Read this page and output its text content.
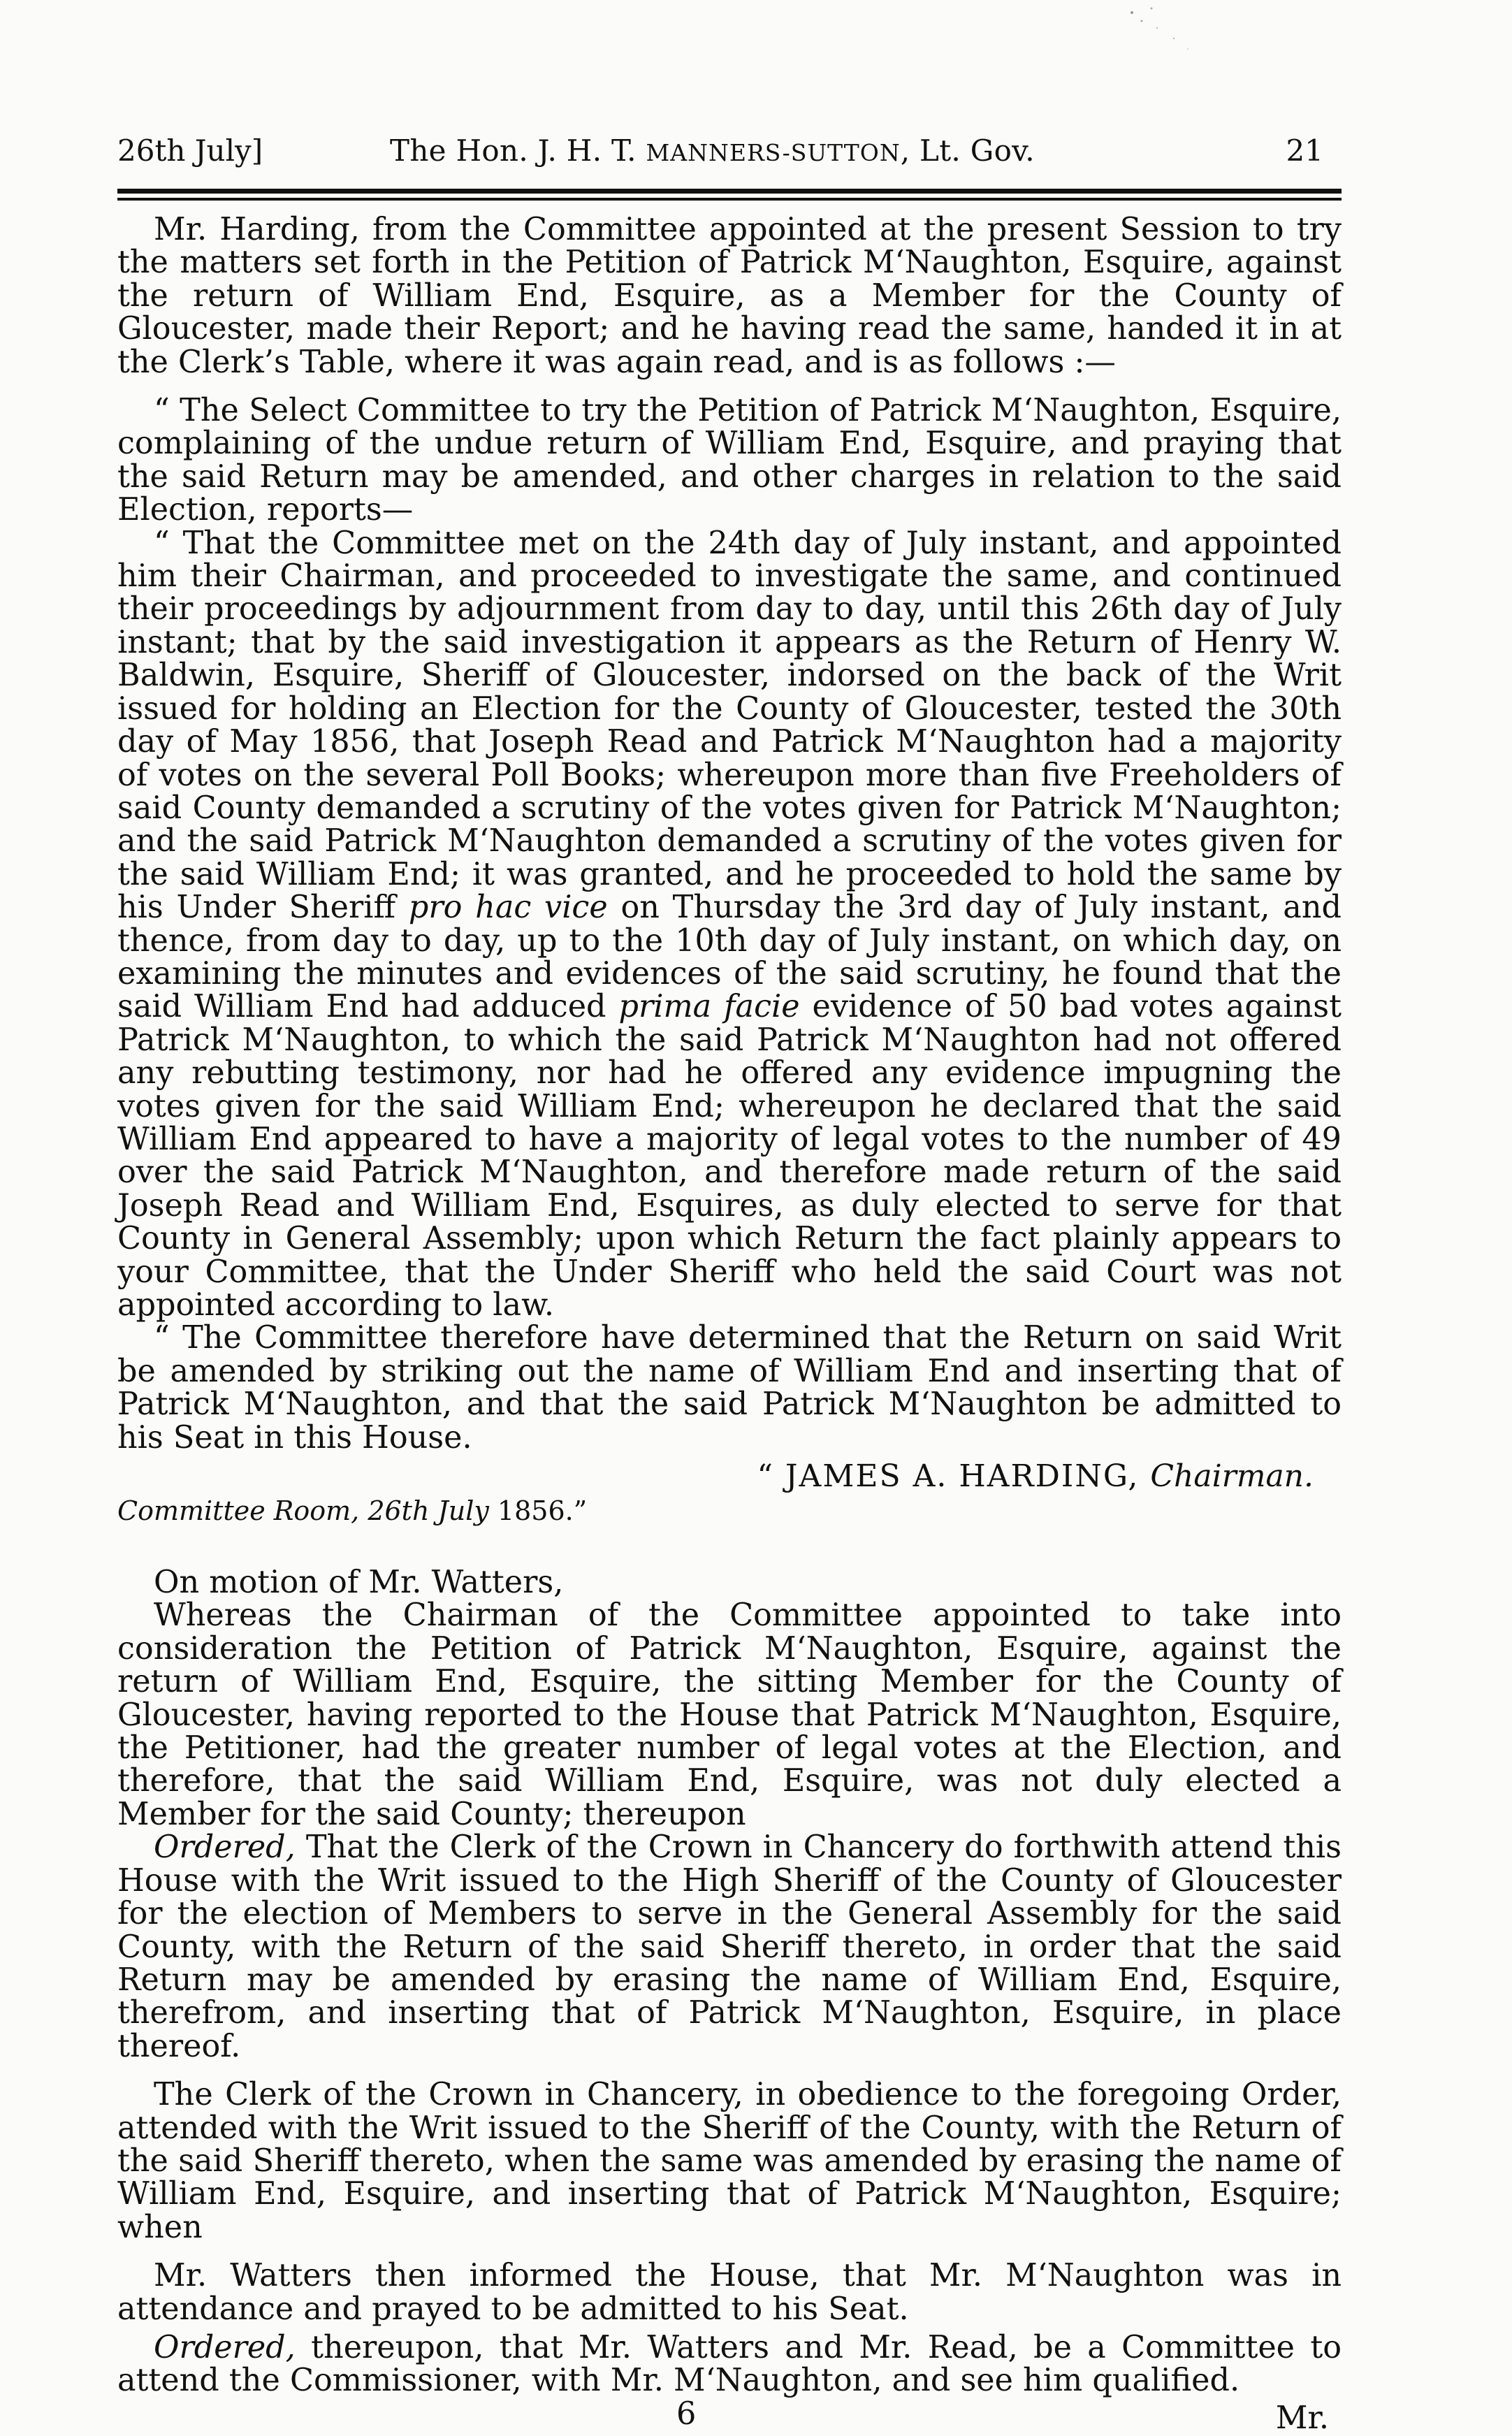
26th July]	The Hon. J. H. T. MANNERS-SUTTON, Lt. Gov.	21

Mr. Harding, from the Committee appointed at the present Session to try the matters set forth in the Petition of Patrick M‘Naughton, Esquire, against the return of William End, Esquire, as a Member for the County of Gloucester, made their Report; and he having read the same, handed it in at the Clerk’s Table, where it was again read, and is as follows :—

“ The Select Committee to try the Petition of Patrick M‘Naughton, Esquire, complaining of the undue return of William End, Esquire, and praying that the said Return may be amended, and other charges in relation to the said Election, reports—

“ That the Committee met on the 24th day of July instant, and appointed him their Chairman, and proceeded to investigate the same, and continued their proceedings by adjournment from day to day, until this 26th day of July instant; that by the said investigation it appears as the Return of Henry W. Baldwin, Esquire, Sheriff of Gloucester, indorsed on the back of the Writ issued for holding an Election for the County of Gloucester, tested the 30th day of May 1856, that Joseph Read and Patrick M‘Naughton had a majority of votes on the several Poll Books; whereupon more than five Freeholders of said County demanded a scrutiny of the votes given for Patrick M‘Naughton; and the said Patrick M‘Naughton demanded a scrutiny of the votes given for the said William End; it was granted, and he proceeded to hold the same by his Under Sheriff pro hac vice on Thursday the 3rd day of July instant, and thence, from day to day, up to the 10th day of July instant, on which day, on examining the minutes and evidences of the said scrutiny, he found that the said William End had adduced prima facie evidence of 50 bad votes against Patrick M‘Naughton, to which the said Patrick M‘Naughton had not offered any rebutting testimony, nor had he offered any evidence impugning the votes given for the said William End; whereupon he declared that the said William End appeared to have a majority of legal votes to the number of 49 over the said Patrick M‘Naughton, and therefore made return of the said Joseph Read and William End, Esquires, as duly elected to serve for that County in General Assembly; upon which Return the fact plainly appears to your Committee, that the Under Sheriff who held the said Court was not appointed according to law.

“ The Committee therefore have determined that the Return on said Writ be amended by striking out the name of William End and inserting that of Patrick M‘Naughton, and that the said Patrick M‘Naughton be admitted to his Seat in this House.

“ JAMES A. HARDING, Chairman.
Committee Room, 26th July 1856.”

On motion of Mr. Watters,

Whereas the Chairman of the Committee appointed to take into consideration the Petition of Patrick M‘Naughton, Esquire, against the return of William End, Esquire, the sitting Member for the County of Gloucester, having reported to the House that Patrick M‘Naughton, Esquire, the Petitioner, had the greater number of legal votes at the Election, and therefore, that the said William End, Esquire, was not duly elected a Member for the said County; thereupon

Ordered, That the Clerk of the Crown in Chancery do forthwith attend this House with the Writ issued to the High Sheriff of the County of Gloucester for the election of Members to serve in the General Assembly for the said County, with the Return of the said Sheriff thereto, in order that the said Return may be amended by erasing the name of William End, Esquire, therefrom, and inserting that of Patrick M‘Naughton, Esquire, in place thereof.

The Clerk of the Crown in Chancery, in obedience to the foregoing Order, attended with the Writ issued to the Sheriff of the County, with the Return of the said Sheriff thereto, when the same was amended by erasing the name of William End, Esquire, and inserting that of Patrick M‘Naughton, Esquire; when

Mr. Watters then informed the House, that Mr. M‘Naughton was in attendance and prayed to be admitted to his Seat.

Ordered, thereupon, that Mr. Watters and Mr. Read, be a Committee to attend the Commissioner, with Mr. M‘Naughton, and see him qualified.

6	Mr.
